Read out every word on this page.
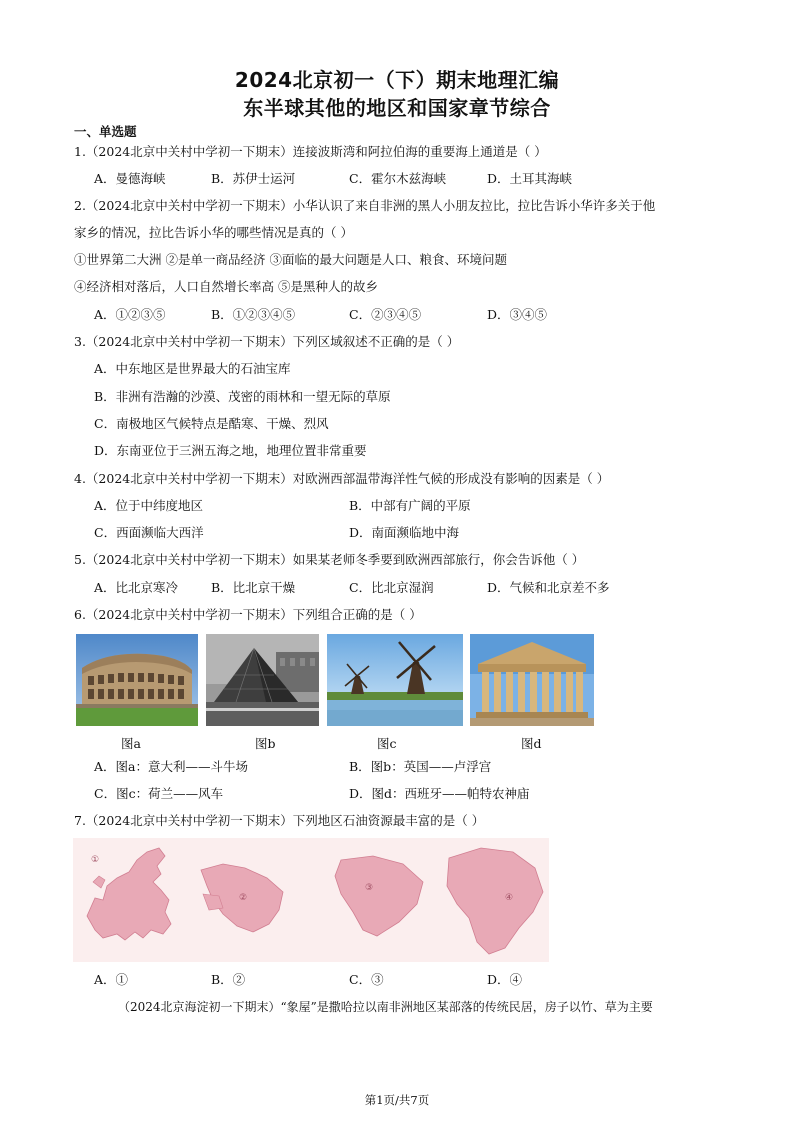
2024北京初一（下）期末地理汇编
东半球其他的地区和国家章节综合
一、单选题
1.（2024北京中关村中学初一下期末）连接波斯湾和阿拉伯海的重要海上通道是（ ）
A．曼德海峡	B．苏伊士运河	C．霍尔木兹海峡	D．土耳其海峡
2.（2024北京中关村中学初一下期末）小华认识了来自非洲的黑人小朋友拉比，拉比告诉小华许多关于他
家乡的情况，拉比告诉小华的哪些情况是真的（ ）
①世界第二大洲 ②是单一商品经济 ③面临的最大问题是人口、粮食、环境问题
④经济相对落后，人口自然增长率高 ⑤是黑种人的故乡
A．①②③⑤	B．①②③④⑤	C．②③④⑤	D．③④⑤
3.（2024北京中关村中学初一下期末）下列区域叙述不正确的是（ ）
A．中东地区是世界最大的石油宝库
B．非洲有浩瀚的沙漠、茂密的雨林和一望无际的草原
C．南极地区气候特点是酷寒、干燥、烈风
D．东南亚位于三洲五海之地，地理位置非常重要
4.（2024北京中关村中学初一下期末）对欧洲西部温带海洋性气候的形成没有影响的因素是（ ）
A．位于中纬度地区	B．中部有广阔的平原
C．西面濒临大西洋	D．南面濒临地中海
5.（2024北京中关村中学初一下期末）如果某老师冬季要到欧洲西部旅行，你会告诉他（ ）
A．比北京寒冷	B．比北京干燥	C．比北京湿润	D．气候和北京差不多
6.（2024北京中关村中学初一下期末）下列组合正确的是（ ）
图a	图b	图c	图d
A．图a：意大利——斗牛场	B．图b：英国——卢浮宫
C．图c：荷兰——风车	D．图d：西班牙——帕特农神庙
7.（2024北京中关村中学初一下期末）下列地区石油资源最丰富的是（ ）
①
②
③
④
A．①	B．②	C．③	D．④
（2024北京海淀初一下期末）“象屋”是撒哈拉以南非洲地区某部落的传统民居，房子以竹、草为主要
第1页/共7页
